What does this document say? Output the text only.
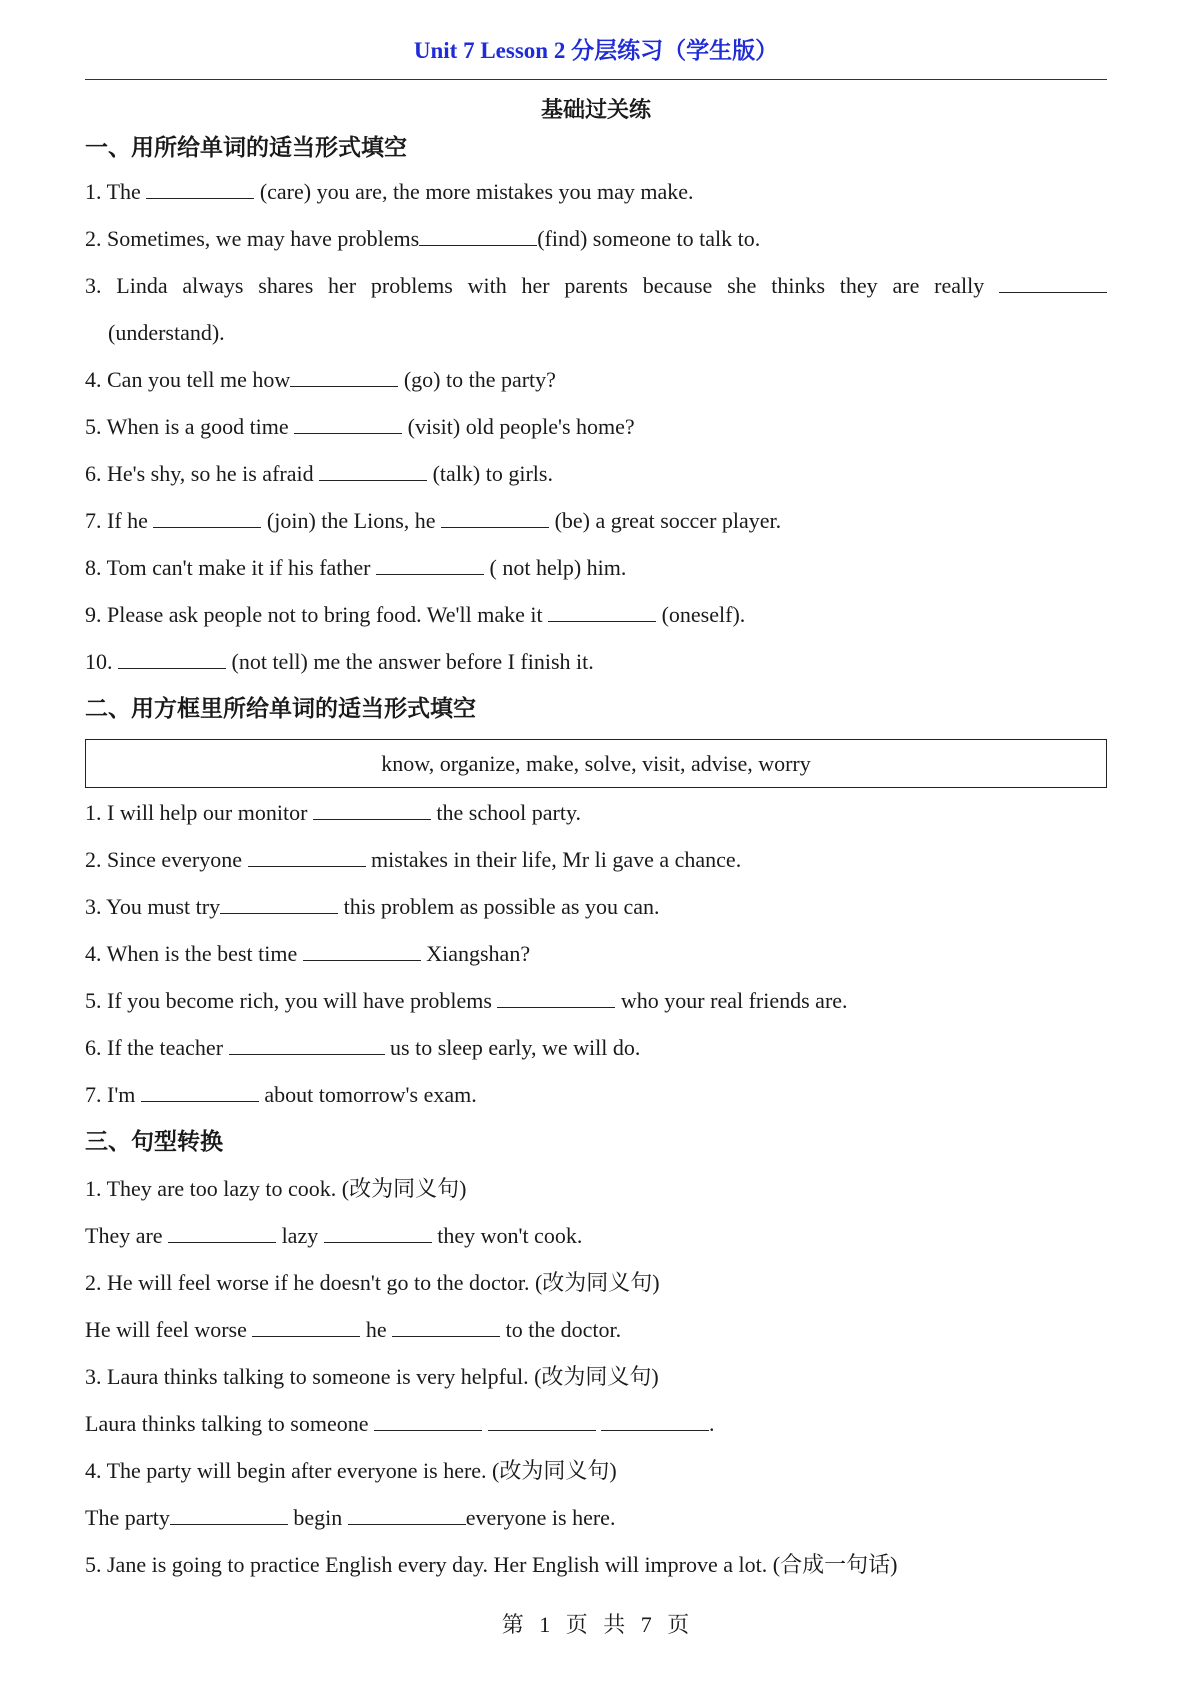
Unit 7 Lesson 2 分层练习（学生版）
基础过关练
一、用所给单词的适当形式填空
1. The	(care) you are, the more mistakes you may make.
2. Sometimes, we may have problems	(find) someone to talk to.
3. Linda always shares her problems with her parents because she thinks they are really
(understand).
4. Can you tell me how	(go) to the party?
5. When is a good time	(visit) old people's home?
6. He's shy, so he is afraid	(talk) to girls.
7. If he	(join) the Lions, he	(be) a great soccer player.
8. Tom can't make it if his father	( not help) him.
9. Please ask people not to bring food. We'll make it	(oneself).
10.	(not tell) me the answer before I finish it.
二、用方框里所给单词的适当形式填空
know, organize, make, solve, visit, advise, worry
1. I will help our monitor	the school party.
2. Since everyone	mistakes in their life, Mr li gave a chance.
3. You must try	this problem as possible as you can.
4. When is the best time	Xiangshan?
5. If you become rich, you will have problems	who your real friends are.
6. If the teacher	us to sleep early, we will do.
7. I'm	about tomorrow's exam.
三、句型转换
1. They are too lazy to cook. (改为同义句)
They are	lazy	they won't cook.
2. He will feel worse if he doesn't go to the doctor. (改为同义句)
He will feel worse	he	to the doctor.
3. Laura thinks talking to someone is very helpful. (改为同义句)
Laura thinks talking to someone	.
4. The party will begin after everyone is here. (改为同义句)
The party	begin	everyone is here.
5. Jane is going to practice English every day. Her English will improve a lot. (合成一句话)
第 1 页 共 7 页
